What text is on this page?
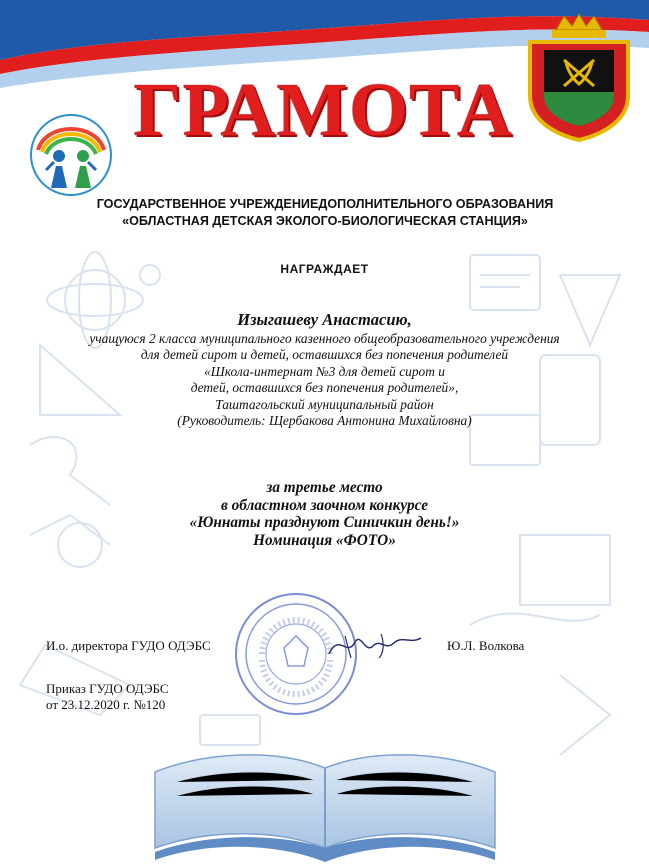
ГРАМОТА
ГОСУДАРСТВЕННОЕ УЧРЕЖДЕНИЕДОПОЛНИТЕЛЬНОГО ОБРАЗОВАНИЯ
«ОБЛАСТНАЯ ДЕТСКАЯ ЭКОЛОГО-БИОЛОГИЧЕСКАЯ СТАНЦИЯ»
НАГРАЖДАЕТ
Изыгашеву Анастасию,
учащуюся 2 класса муниципального казенного общеобразовательного учреждения
для детей сирот и детей, оставшихся без попечения родителей
«Школа-интернат №3 для детей сирот и
детей, оставшихся без попечения родителей»,
Таштагольский муниципальный район
(Руководитель: Щербакова Антонина Михайловна)
за третье место
в областном заочном конкурсе
«Юннаты празднуют Синичкин день!»
Номинация «ФОТО»
И.о. директора ГУДО ОДЭБС	Ю.Л. Волкова
Приказ ГУДО ОДЭБС
от 23.12.2020 г. №120
